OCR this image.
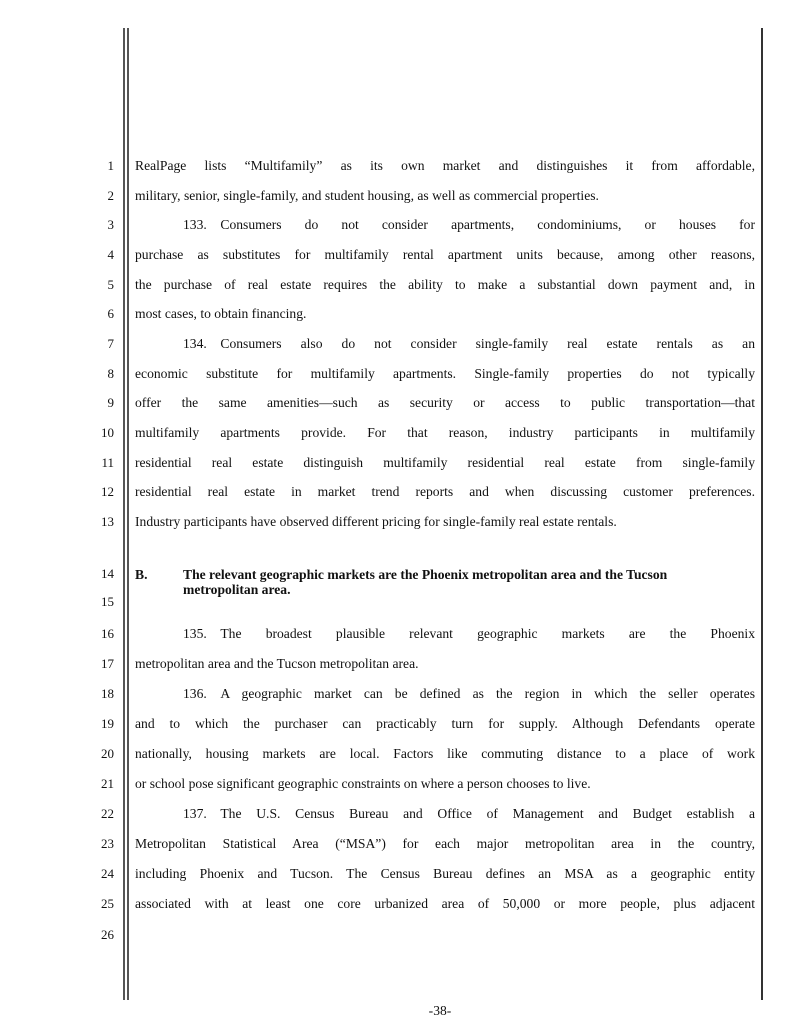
1
2
3
4
5
6
7
8
9
10
11
12
13
14
15
16
17
18
19
20
21
22
23
24
25
26
RealPage lists “Multifamily” as its own market and distinguishes it from affordable,
military, senior, single-family, and student housing, as well as commercial properties.
133. Consumers do not consider apartments, condominiums, or houses for
purchase as substitutes for multifamily rental apartment units because, among other reasons,
the purchase of real estate requires the ability to make a substantial down payment and, in
most cases, to obtain financing.
134. Consumers also do not consider single-family real estate rentals as an
economic substitute for multifamily apartments. Single-family properties do not typically
offer the same amenities—such as security or access to public transportation—that
multifamily apartments provide. For that reason, industry participants in multifamily
residential real estate distinguish multifamily residential real estate from single-family
residential real estate in market trend reports and when discussing customer preferences.
Industry participants have observed different pricing for single-family real estate rentals.
B.	The relevant geographic markets are the Phoenix metropolitan area and the Tucson metropolitan area.
135. The broadest plausible relevant geographic markets are the Phoenix
metropolitan area and the Tucson metropolitan area.
136. A geographic market can be defined as the region in which the seller operates
and to which the purchaser can practicably turn for supply. Although Defendants operate
nationally, housing markets are local. Factors like commuting distance to a place of work
or school pose significant geographic constraints on where a person chooses to live.
137. The U.S. Census Bureau and Office of Management and Budget establish a
Metropolitan Statistical Area (“MSA”) for each major metropolitan area in the country,
including Phoenix and Tucson. The Census Bureau defines an MSA as a geographic entity
associated with at least one core urbanized area of 50,000 or more people, plus adjacent
-38-
